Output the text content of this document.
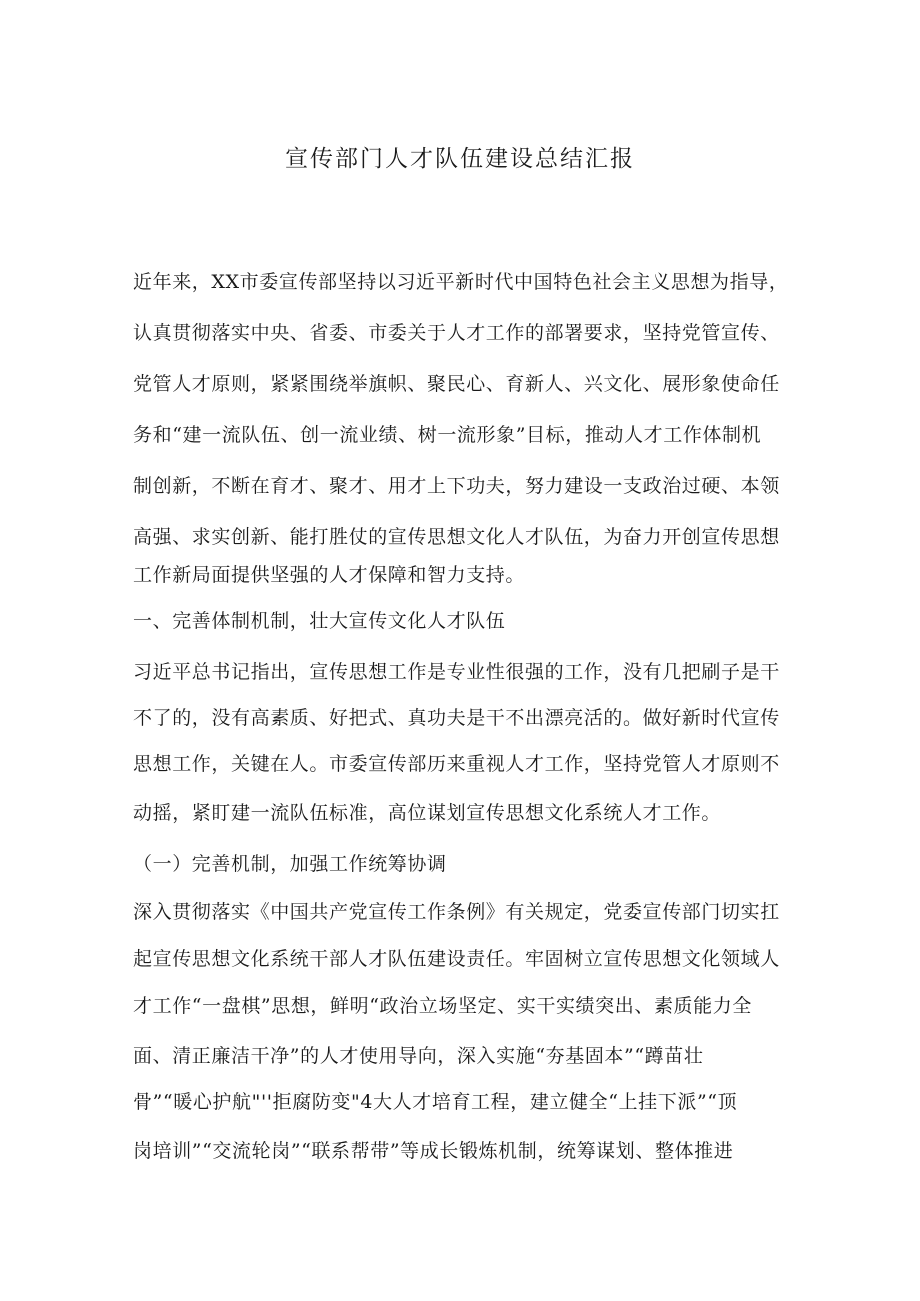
宣传部门人才队伍建设总结汇报
近年来，XX市委宣传部坚持以习近平新时代中国特色社会主义思想为指导，
认真贯彻落实中央、省委、市委关于人才工作的部署要求，坚持党管宣传、
党管人才原则，紧紧围绕举旗帜、聚民心、育新人、兴文化、展形象使命任
务和“建一流队伍、创一流业绩、树一流形象”目标，推动人才工作体制机
制创新，不断在育才、聚才、用才上下功夫，努力建设一支政治过硬、本领
高强、求实创新、能打胜仗的宣传思想文化人才队伍，为奋力开创宣传思想
工作新局面提供坚强的人才保障和智力支持。
一、完善体制机制，壮大宣传文化人才队伍
习近平总书记指出，宣传思想工作是专业性很强的工作，没有几把刷子是干
不了的，没有高素质、好把式、真功夫是干不出漂亮活的。做好新时代宣传
思想工作，关键在人。市委宣传部历来重视人才工作，坚持党管人才原则不
动摇，紧盯建一流队伍标准，高位谋划宣传思想文化系统人才工作。
（一）完善机制，加强工作统筹协调
深入贯彻落实《中国共产党宣传工作条例》有关规定，党委宣传部门切实扛
起宣传思想文化系统干部人才队伍建设责任。牢固树立宣传思想文化领域人
才工作“一盘棋”思想，鲜明“政治立场坚定、实干实绩突出、素质能力全
面、清正廉洁干净”的人才使用导向，深入实施“夯基固本”“蹲苗壮
骨”“暖心护航"''拒腐防变"4大人才培育工程，建立健全“上挂下派”“顶
岗培训”“交流轮岗”“联系帮带”等成长锻炼机制，统筹谋划、整体推进
